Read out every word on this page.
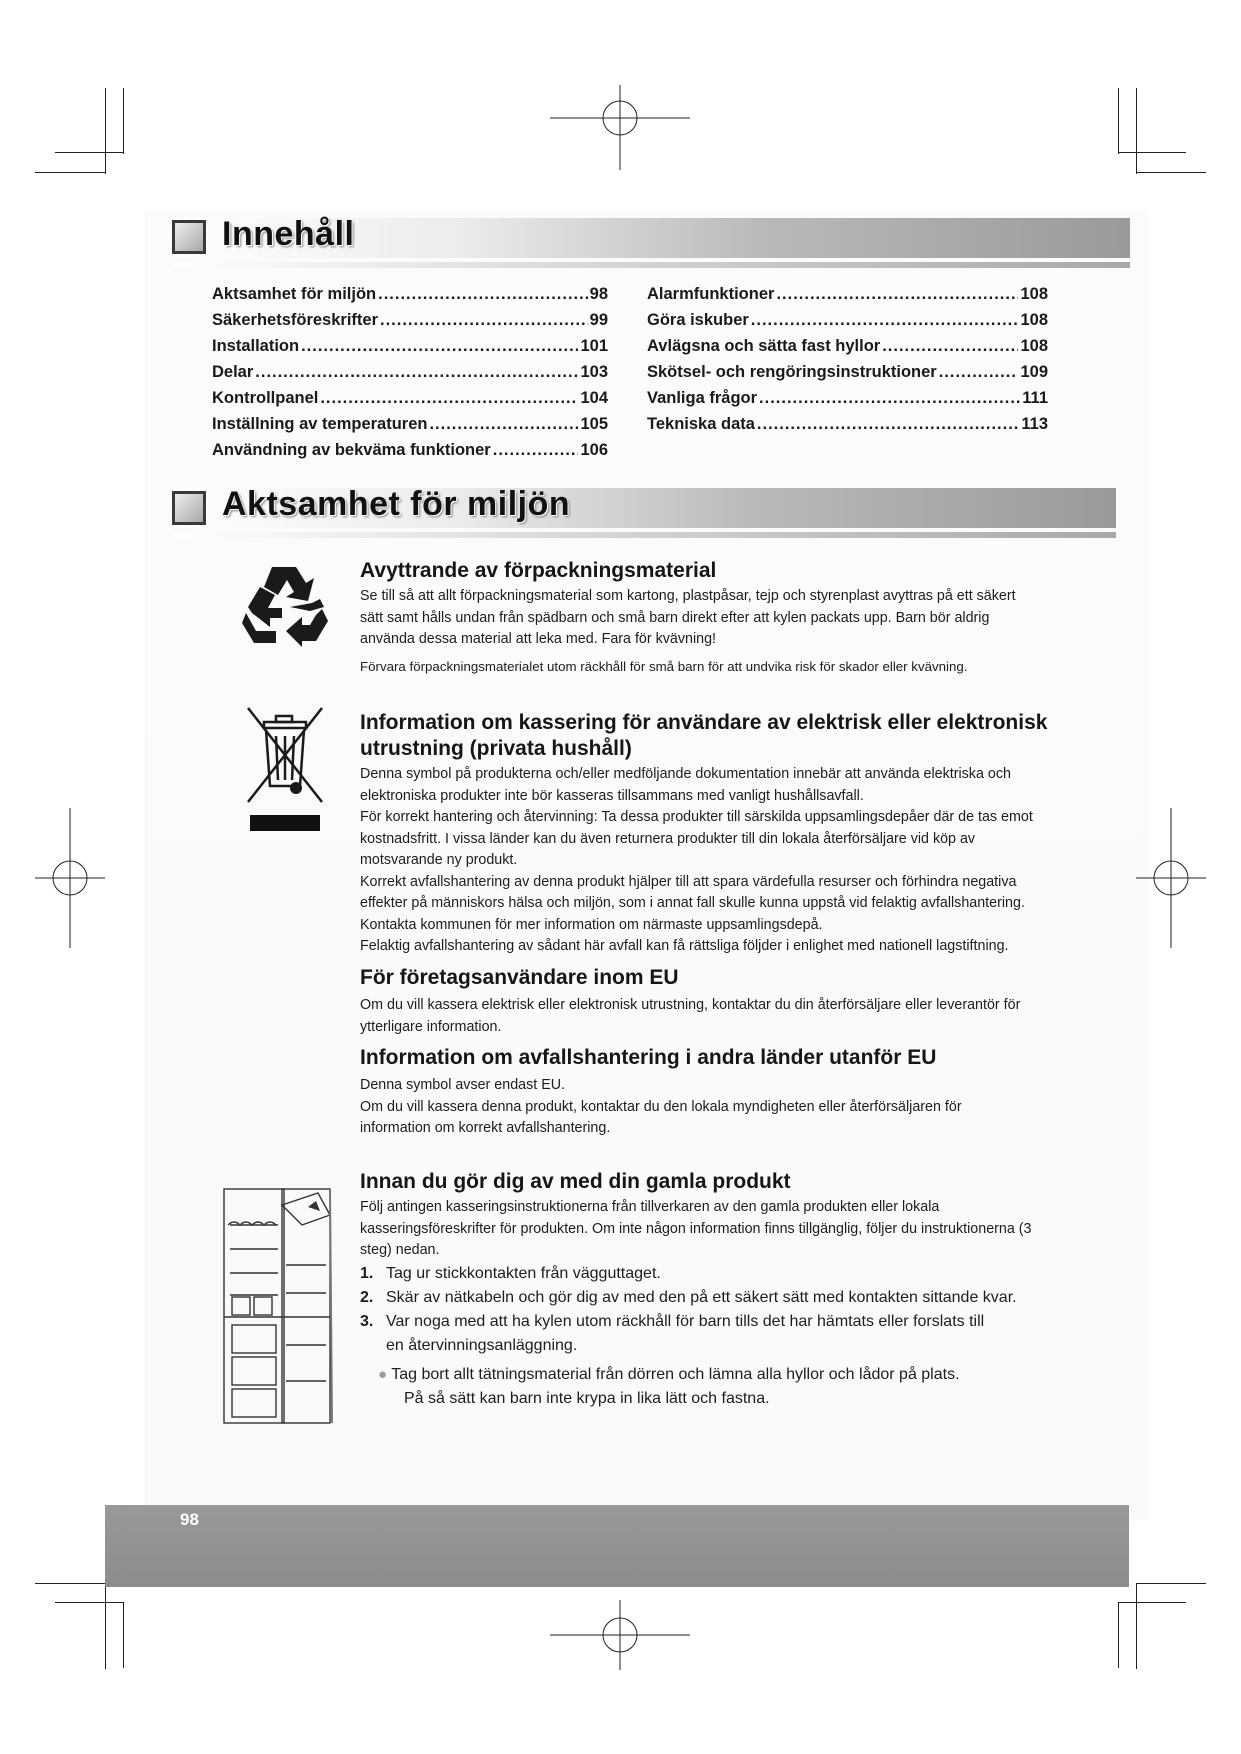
Innehåll
Aktsamhet för miljön .....	98
Säkerhetsföreskrifter .....	99
Installation .....	101
Delar .....	103
Kontrollpanel .....	104
Inställning av temperaturen .....	105
Användning av bekväma funktioner .....	106
Alarmfunktioner .....	108
Göra iskuber .....	108
Avlägsna och sätta fast hyllor .....	108
Skötsel- och rengöringsinstruktioner .....	109
Vanliga frågor .....	111
Tekniska data .....	113
Aktsamhet för miljön
Avyttrande av förpackningsmaterial

Se till så att allt förpackningsmaterial som kartong, plastpåsar, tejp och styrenplast avyttras på ett säkert sätt samt hålls undan från spädbarn och små barn direkt efter att kylen packats upp. Barn bör aldrig använda dessa material att leka med. Fara för kvävning!

Förvara förpackningsmaterialet utom räckhåll för små barn för att undvika risk för skador eller kvävning.

Information om kassering för användare av elektrisk eller elektronisk
utrustning (privata hushåll)

Denna symbol på produkterna och/eller medföljande dokumentation innebär att använda elektriska och elektroniska produkter inte bör kasseras tillsammans med vanligt hushållsavfall.

För korrekt hantering och återvinning: Ta dessa produkter till särskilda uppsamlingsdepåer där de tas emot kostnadsfritt. I vissa länder kan du även returnera produkter till din lokala återförsäljare vid köp av motsvarande ny produkt.

Korrekt avfallshantering av denna produkt hjälper till att spara värdefulla resurser och förhindra negativa effekter på människors hälsa och miljön, som i annat fall skulle kunna uppstå vid felaktig avfallshantering. Kontakta kommunen för mer information om närmaste uppsamlingsdepå.

Felaktig avfallshantering av sådant här avfall kan få rättsliga följder i enlighet med nationell lagstiftning.

För företagsanvändare inom EU

Om du vill kassera elektrisk eller elektronisk utrustning, kontaktar du din återförsäljare eller leverantör för ytterligare information.

Information om avfallshantering i andra länder utanför EU

Denna symbol avser endast EU.

Om du vill kassera denna produkt, kontaktar du den lokala myndigheten eller återförsäljaren för information om korrekt avfallshantering.

Innan du gör dig av med din gamla produkt

Följ antingen kasseringsinstruktionerna från tillverkaren av den gamla produkten eller lokala kasseringsföreskrifter för produkten. Om inte någon information finns tillgänglig, följer du instruktionerna (3 steg) nedan.

1. Tag ur stickkontakten från vägguttaget.
2. Skär av nätkabeln och gör dig av med den på ett säkert sätt med kontakten sittande kvar.
3. Var noga med att ha kylen utom räckhåll för barn tills det har hämtats eller forslats till en återvinningsanläggning.
● Tag bort allt tätningsmaterial från dörren och lämna alla hyllor och lådor på plats.
På så sätt kan barn inte krypa in lika lätt och fastna.
98
